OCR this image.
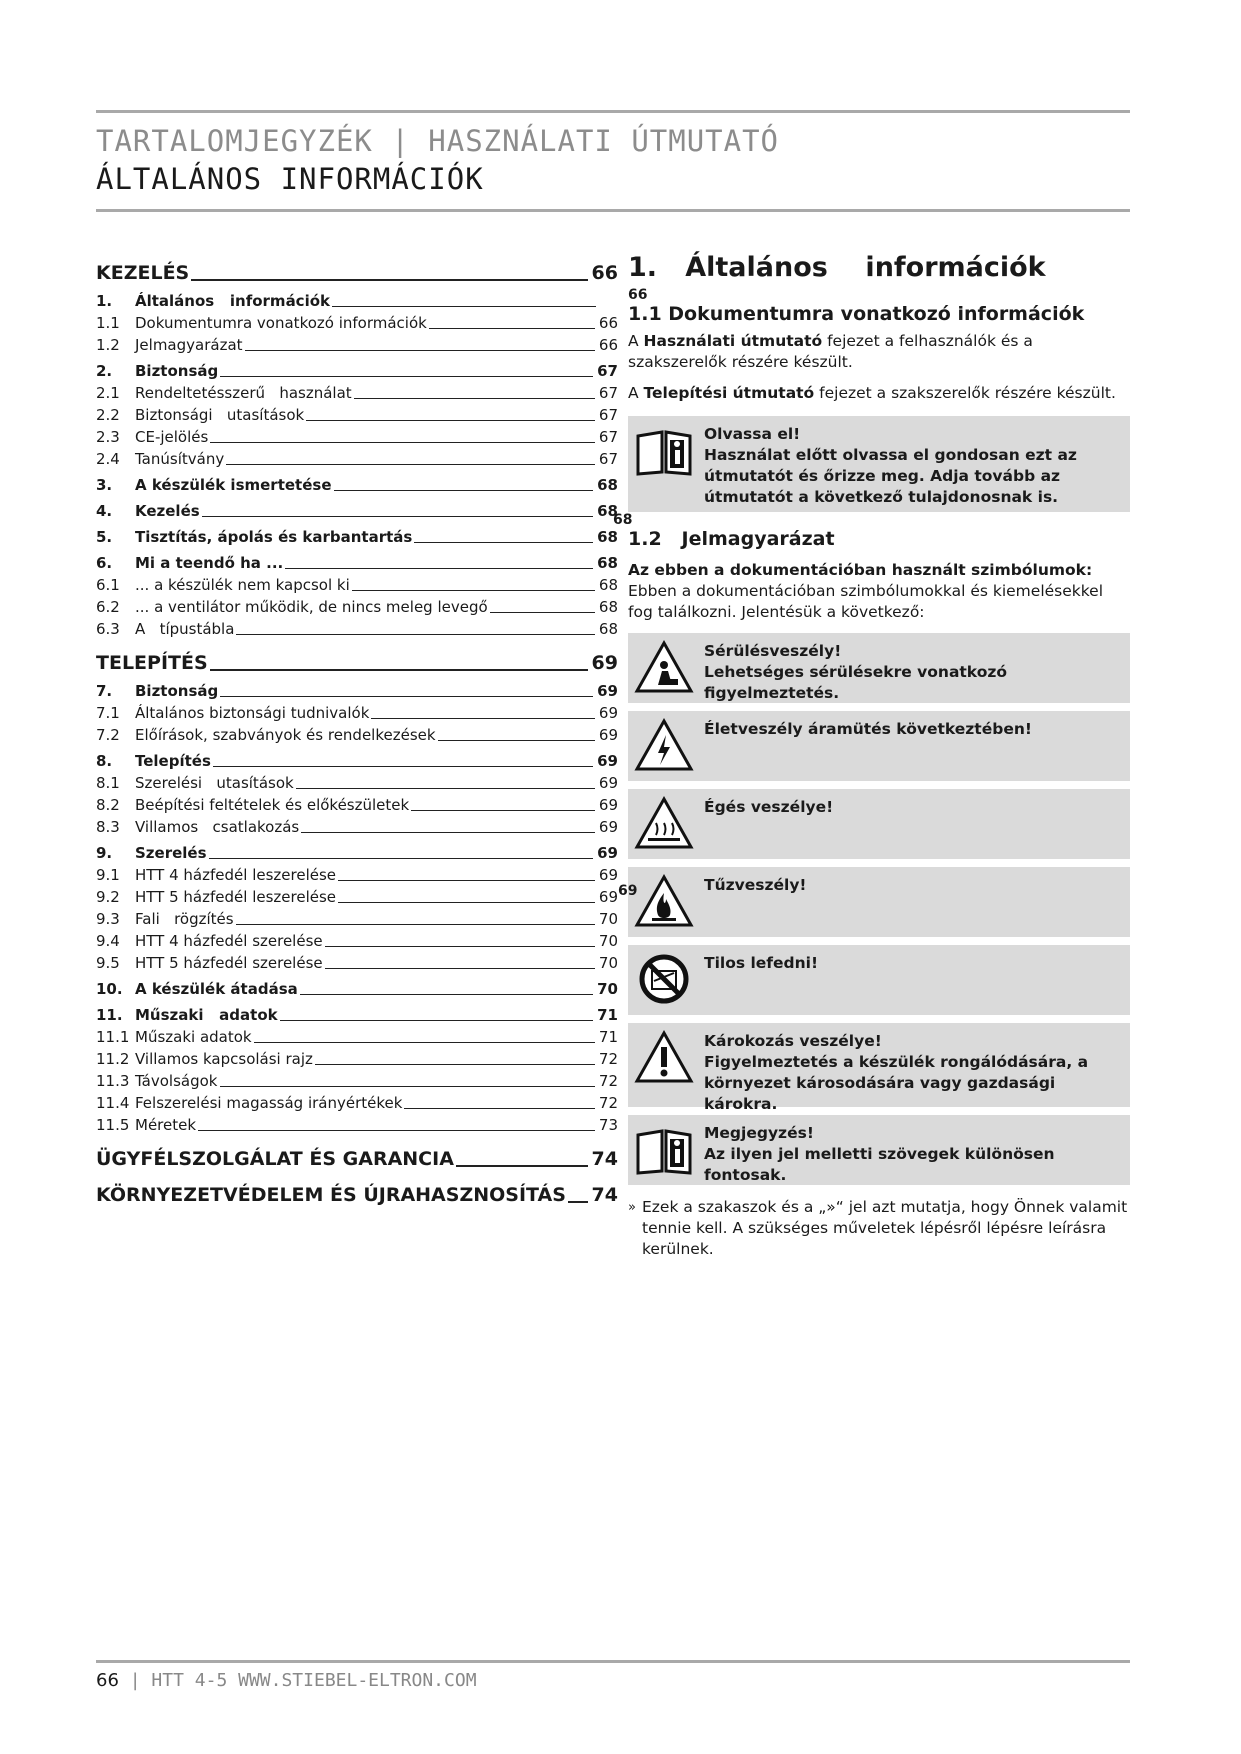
TARTALOMJEGYZÉK | HASZNÁLATI ÚTMUTATÓ
ÁLTALÁNOS INFORMÁCIÓK
KEZELÉS	66
1.	Általános   információk
1.1	Dokumentumra vonatkozó információk	66
1.2	Jelmagyarázat	66
2.	Biztonság	67
2.1	Rendeltetésszerű   használat	67
2.2	Biztonsági   utasítások	67
2.3	CE-jelölés	67
2.4	Tanúsítvány	67
3.	A készülék ismertetése	68
4.	Kezelés	68
5.	Tisztítás, ápolás és karbantartás	68
6.	Mi a teendő ha ...	68
6.1	... a készülék nem kapcsol ki	68
6.2	... a ventilátor működik, de nincs meleg levegő	68
6.3	A   típustábla	68
TELEPÍTÉS	69
7.	Biztonság	69
7.1	Általános biztonsági tudnivalók	69
7.2	Előírások, szabványok és rendelkezések	69
8.	Telepítés	69
8.1	Szerelési   utasítások	69
8.2	Beépítési feltételek és előkészületek	69
8.3	Villamos   csatlakozás	69
9.	Szerelés	69
9.1	HTT 4 házfedél leszerelése	69
9.2	HTT 5 házfedél leszerelése	69
9.3	Fali   rögzítés	70
9.4	HTT 4 házfedél szerelése	70
9.5	HTT 5 házfedél szerelése	70
10. A készülék átadása	70
11. Műszaki   adatok	71
11.1 Műszaki adatok	71
11.2 Villamos kapcsolási rajz	72
11.3 Távolságok	72
11.4 Felszerelési magasság irányértékek	72
11.5 Méretek	73
ÜGYFÉLSZOLGÁLAT ÉS GARANCIA	74
KÖRNYEZETVÉDELEM ÉS ÚJRAHASZNOSÍTÁS 74
1.   Általános    információk
66
1.1 Dokumentumra vonatkozó információk
A Használati útmutató fejezet a felhasználók és a szakszerelők részére készült.
A Telepítési útmutató fejezet a szakszerelők részére készült.
Olvassa el!
Használat előtt olvassa el gondosan ezt az útmutatót és őrizze meg. Adja tovább az útmutatót a következő tulajdonosnak is.
68
1.2   Jelmagyarázat
Az ebben a dokumentációban használt szimbólumok:
Ebben a dokumentációban szimbólumokkal és kiemelésekkel fog találkozni. Jelentésük a következő:
Sérülésveszély!
Lehetséges sérülésekre vonatkozó figyelmeztetés.
Életveszély áramütés következtében!
Égés veszélye!
Tűzveszély!
69
Tilos lefedni!
Károkozás veszélye!
Figyelmeztetés a készülék rongálódására, a környezet károsodására vagy gazdasági károkra.
Megjegyzés!
Az ilyen jel melletti szövegek különösen fontosak.
» Ezek a szakaszok és a „»“ jel azt mutatja, hogy Önnek valamit tennie kell. A szükséges műveletek lépésről lépésre leírásra kerülnek.
66 | HTT 4-5 WWW.STIEBEL-ELTRON.COM
